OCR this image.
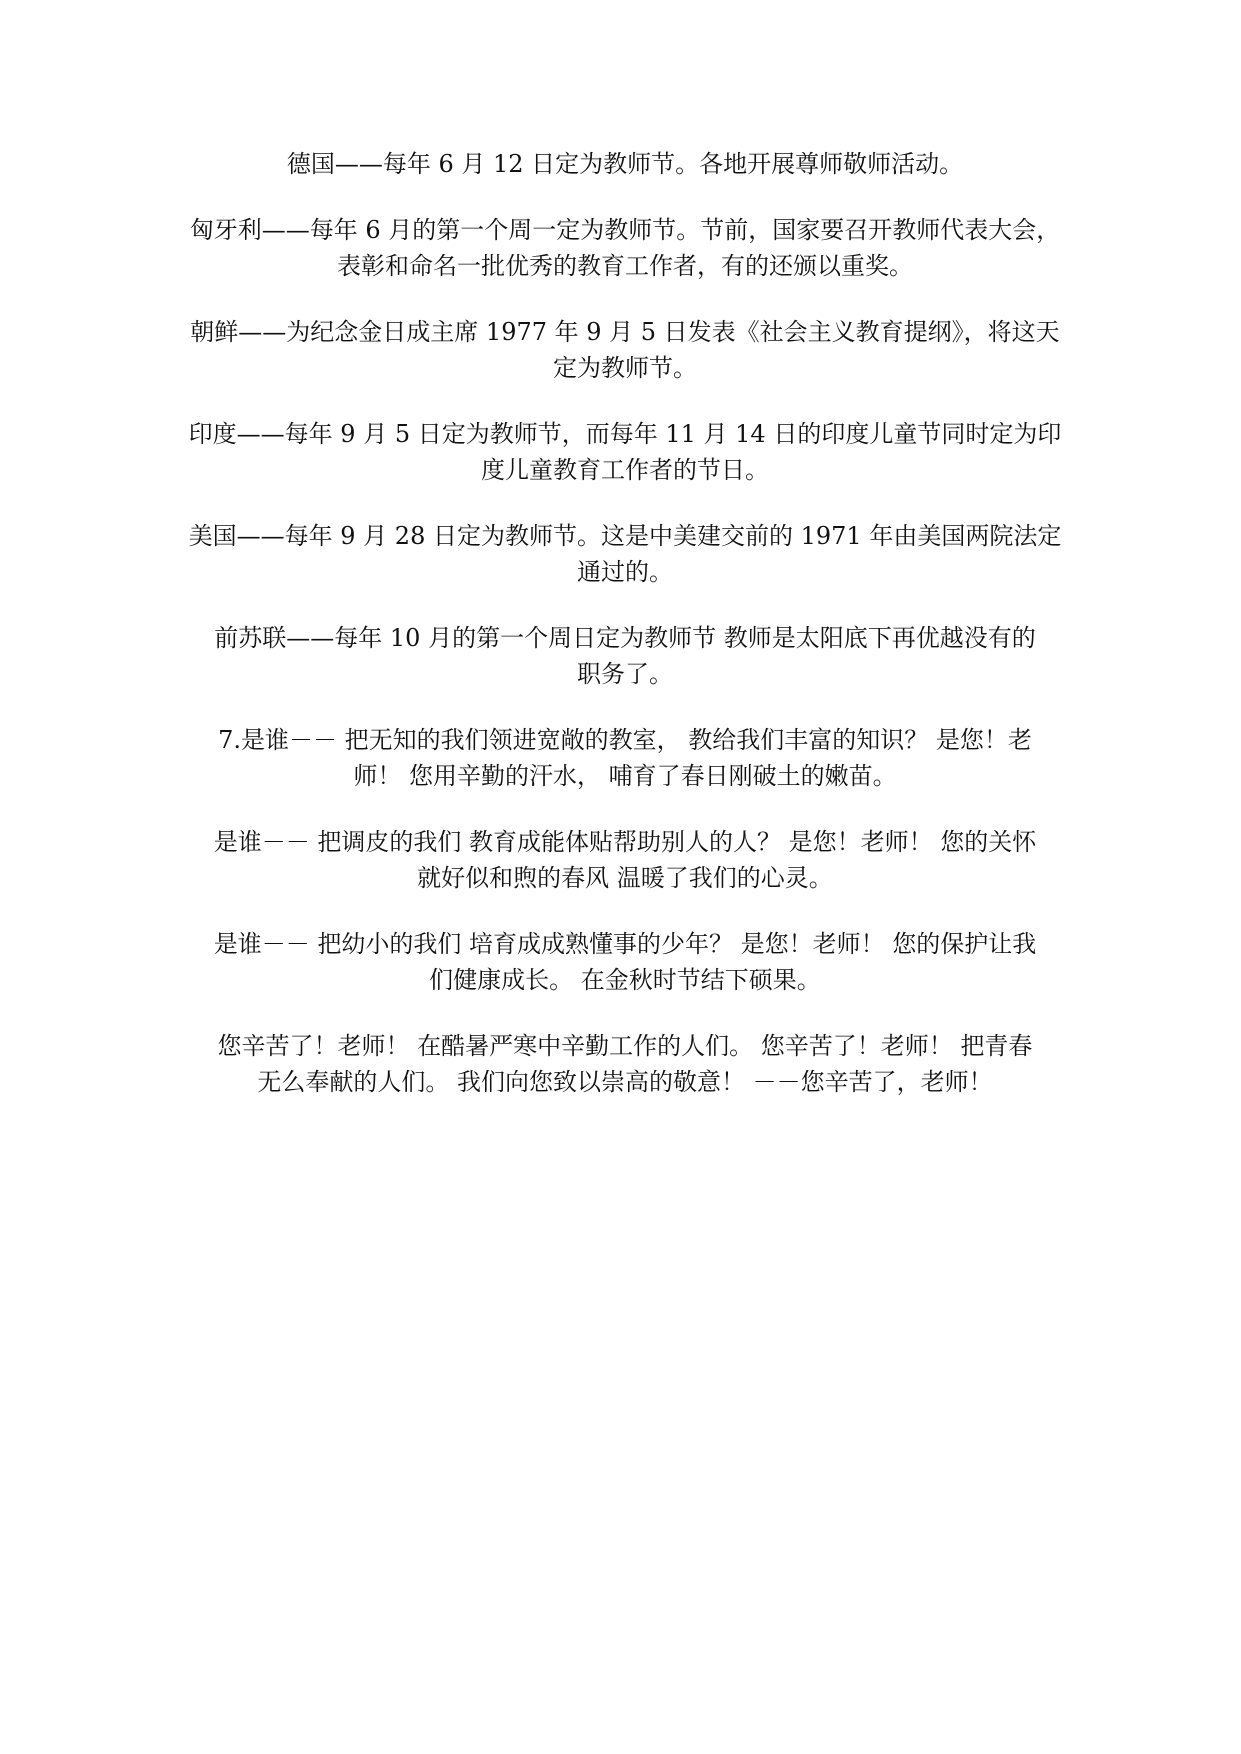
德国——每年 6 月 12 日定为教师节。各地开展尊师敬师活动。

匈牙利——每年 6 月的第一个周一定为教师节。节前，国家要召开教师代表大会，
表彰和命名一批优秀的教育工作者，有的还颁以重奖。

朝鲜——为纪念金日成主席 1977 年 9 月 5 日发表《社会主义教育提纲》，将这天
定为教师节。

印度——每年 9 月 5 日定为教师节，而每年 11 月 14 日的印度儿童节同时定为印
度儿童教育工作者的节日。

美国——每年 9 月 28 日定为教师节。这是中美建交前的 1971 年由美国两院法定
通过的。

前苏联——每年 10 月的第一个周日定为教师节 教师是太阳底下再优越没有的
职务了。

7.是谁－－ 把无知的我们领进宽敞的教室， 教给我们丰富的知识？ 是您！老
师！ 您用辛勤的汗水， 哺育了春日刚破土的嫩苗。

是谁－－ 把调皮的我们 教育成能体贴帮助别人的人？ 是您！老师！ 您的关怀
就好似和煦的春风 温暖了我们的心灵。

是谁－－ 把幼小的我们 培育成成熟懂事的少年？ 是您！老师！ 您的保护让我
们健康成长。 在金秋时节结下硕果。

您辛苦了！老师！ 在酷暑严寒中辛勤工作的人们。 您辛苦了！老师！ 把青春
无么奉献的人们。 我们向您致以崇高的敬意！ －－您辛苦了，老师！
